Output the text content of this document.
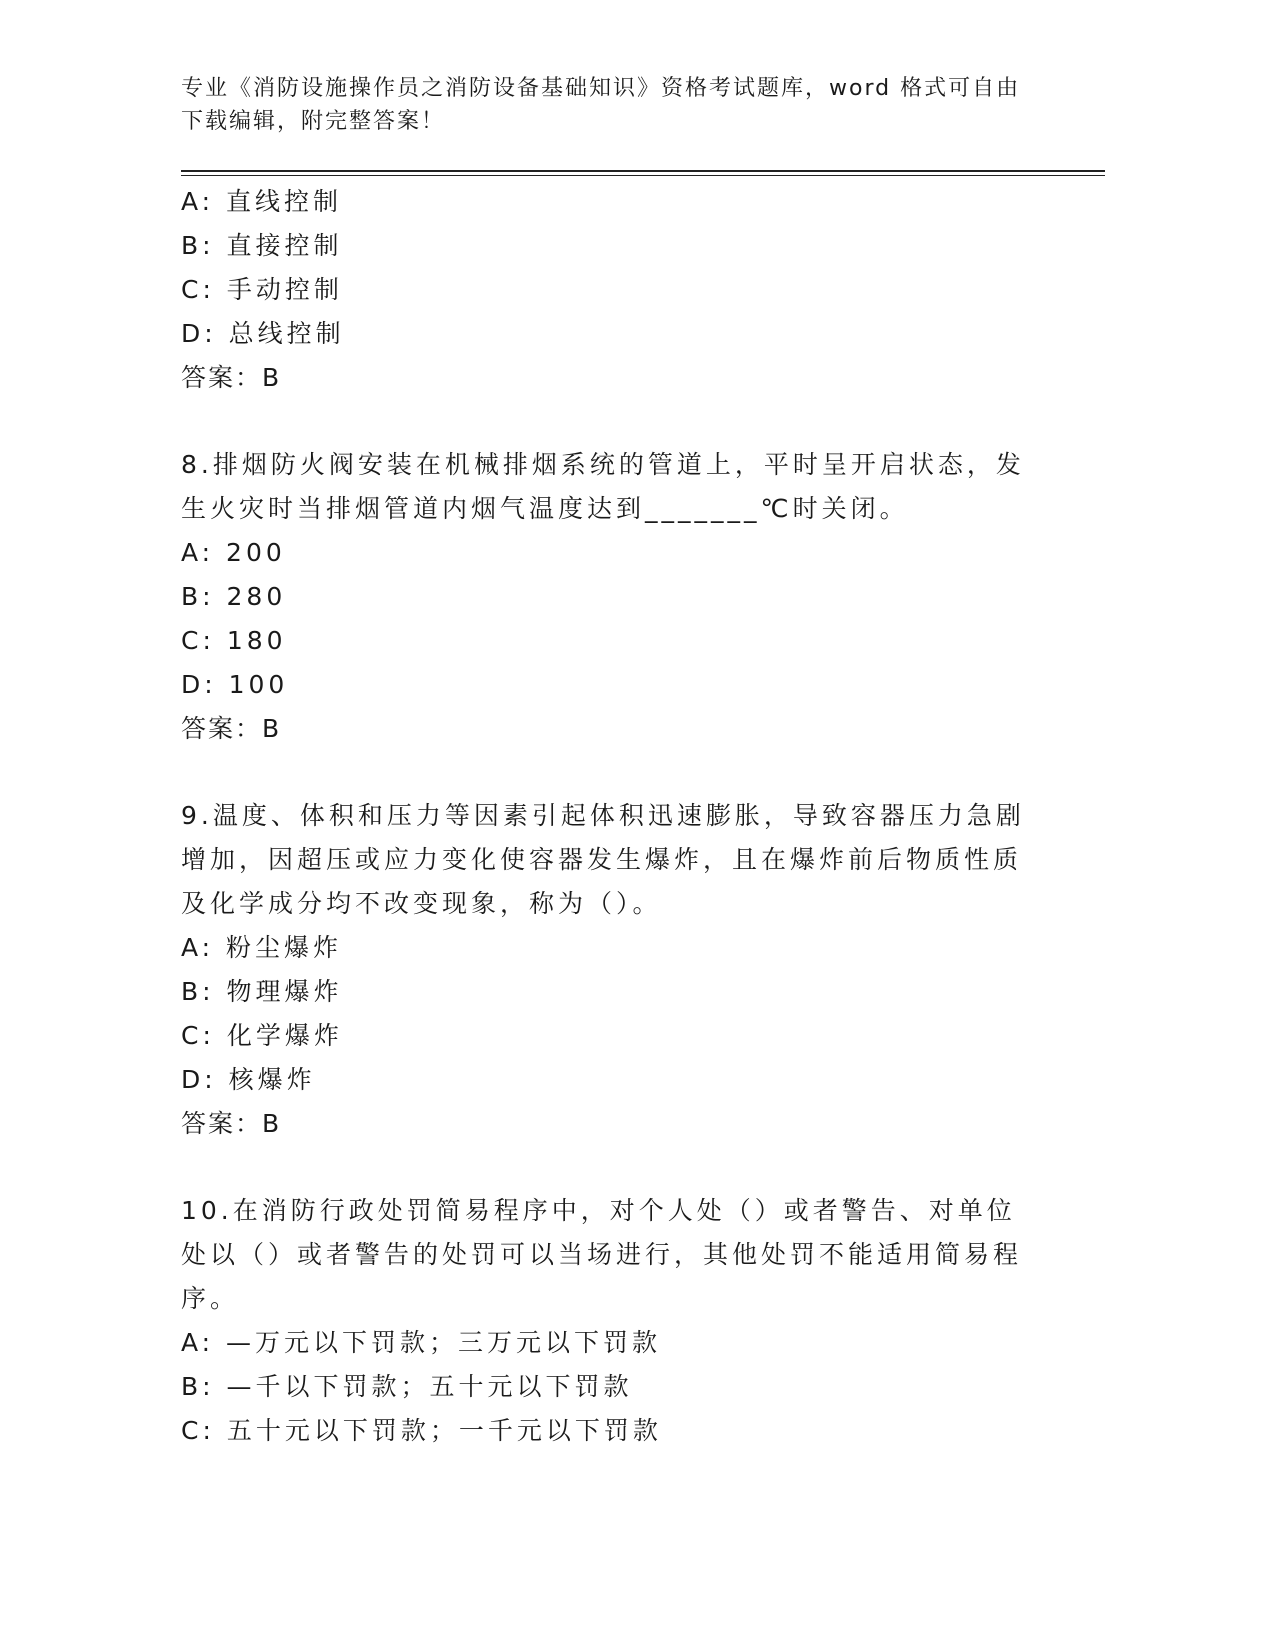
专业《消防设施操作员之消防设备基础知识》资格考试题库，word 格式可自由下载编辑，附完整答案！
A: 直线控制
B: 直接控制
C: 手动控制
D: 总线控制
答案：B
8.排烟防火阀安装在机械排烟系统的管道上，平时呈开启状态，发生火灾时当排烟管道内烟气温度达到_______℃时关闭。
A: 200
B: 280
C: 180
D: 100
答案：B
9.温度、体积和压力等因素引起体积迅速膨胀，导致容器压力急剧增加，因超压或应力变化使容器发生爆炸，且在爆炸前后物质性质及化学成分均不改变现象，称为（）。
A: 粉尘爆炸
B: 物理爆炸
C: 化学爆炸
D: 核爆炸
答案：B
10.在消防行政处罚简易程序中，对个人处（）或者警告、对单位处以（）或者警告的处罚可以当场进行，其他处罚不能适用简易程序。
A: —万元以下罚款；三万元以下罚款
B: —千以下罚款；五十元以下罚款
C: 五十元以下罚款；一千元以下罚款
